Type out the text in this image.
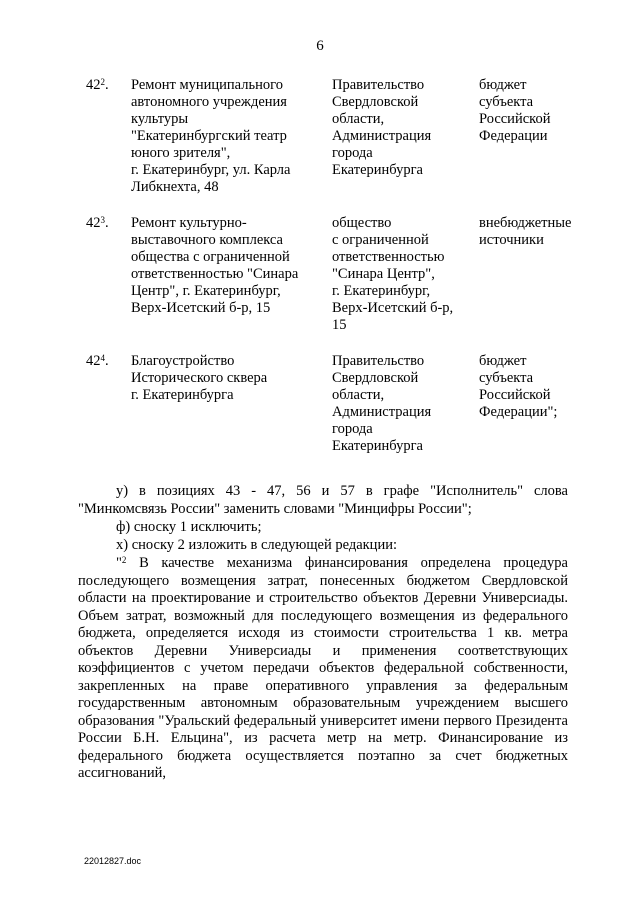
6
$42^2$. Ремонт муниципального
автономного учреждения
культуры
"Екатеринбургский театр
юного зрителя",
г. Екатеринбург, ул. Карла
Либкнехта, 48
Правительство
Свердловской
области,
Администрация
города
Екатеринбурга
бюджет
субъекта
Российской
Федерации
$42^3$. Ремонт культурно-
выставочного комплекса
общества с ограниченной
ответственностью "Синара
Центр", г. Екатеринбург,
Верх-Исетский б-р, 15
общество
с ограниченной
ответственностью
"Синара Центр",
г. Екатеринбург,
Верх-Исетский б-р,
15
внебюджетные
источники
$42^4$. Благоустройство
Исторического сквера
г. Екатеринбурга
Правительство
Свердловской
области,
Администрация
города
Екатеринбурга
бюджет
субъекта
Российской
Федерации";
у) в позициях 43 - 47, 56 и 57 в графе "Исполнитель" слова "Минкомсвязь России" заменить словами "Минцифры России";
ф) сноску 1 исключить;
х) сноску 2 изложить в следующей редакции:
"$^2$ В качестве механизма финансирования определена процедура последующего возмещения затрат, понесенных бюджетом Свердловской области на проектирование и строительство объектов Деревни Универсиады. Объем затрат, возможный для последующего возмещения из федерального бюджета, определяется исходя из стоимости строительства 1 кв. метра объектов Деревни Универсиады и применения соответствующих коэффициентов с учетом передачи объектов федеральной собственности, закрепленных на праве оперативного управления за федеральным государственным автономным образовательным учреждением высшего образования "Уральский федеральный университет имени первого Президента России Б.Н. Ельцина", из расчета метр на метр. Финансирование из федерального бюджета осуществляется поэтапно за счет бюджетных ассигнований,
22012827.doc
